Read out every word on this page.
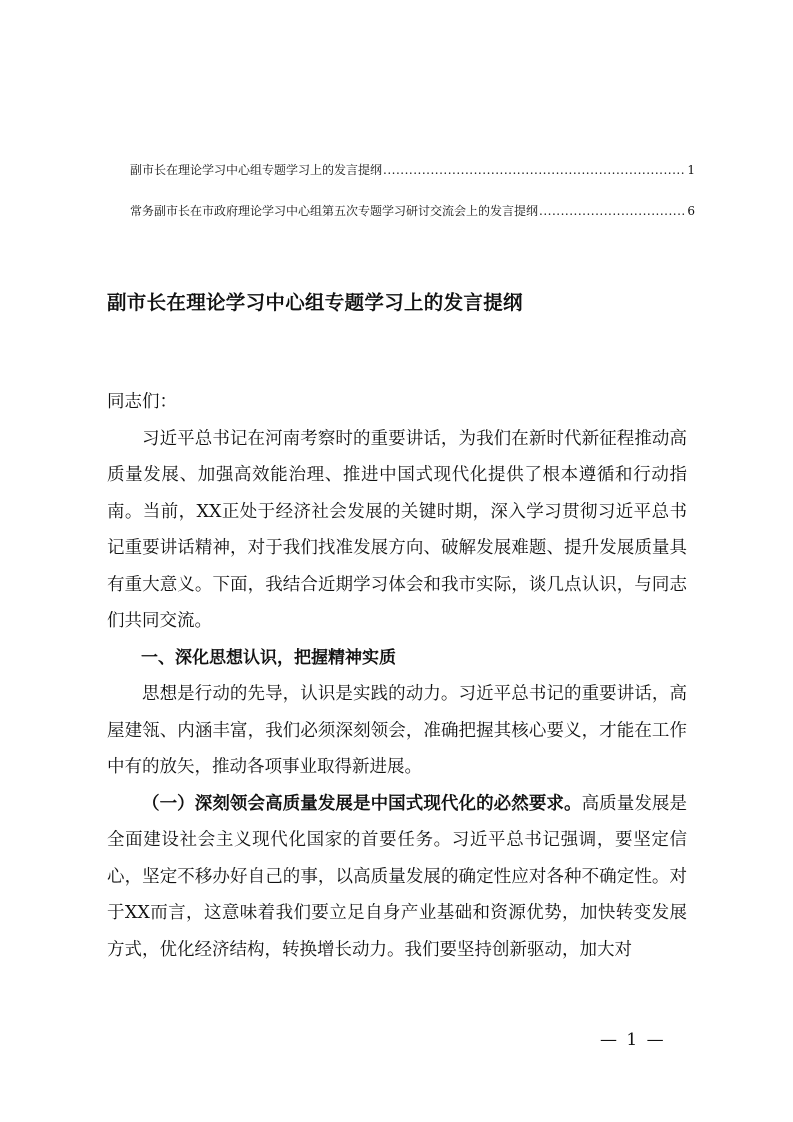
副市长在理论学习中心组专题学习上的发言提纲 .....	1
常务副市长在市政府理论学习中心组第五次专题学习研讨交流会上的发言提纲 .....	6
副市长在理论学习中心组专题学习上的发言提纲

同志们：

习近平总书记在河南考察时的重要讲话，为我们在新时代新征程推动高质量发展、加强高效能治理、推进中国式现代化提供了根本遵循和行动指南。当前，XX正处于经济社会发展的关键时期，深入学习贯彻习近平总书记重要讲话精神，对于我们找准发展方向、破解发展难题、提升发展质量具有重大意义。下面，我结合近期学习体会和我市实际，谈几点认识，与同志们共同交流。

一、深化思想认识，把握精神实质

思想是行动的先导，认识是实践的动力。习近平总书记的重要讲话，高屋建瓴、内涵丰富，我们必须深刻领会，准确把握其核心要义，才能在工作中有的放矢，推动各项事业取得新进展。

（一）深刻领会高质量发展是中国式现代化的必然要求。高质量发展是全面建设社会主义现代化国家的首要任务。习近平总书记强调，要坚定信心，坚定不移办好自己的事，以高质量发展的确定性应对各种不确定性。对于XX而言，这意味着我们要立足自身产业基础和资源优势，加快转变发展方式，优化经济结构，转换增长动力。我们要坚持创新驱动，加大对

— 1 —
